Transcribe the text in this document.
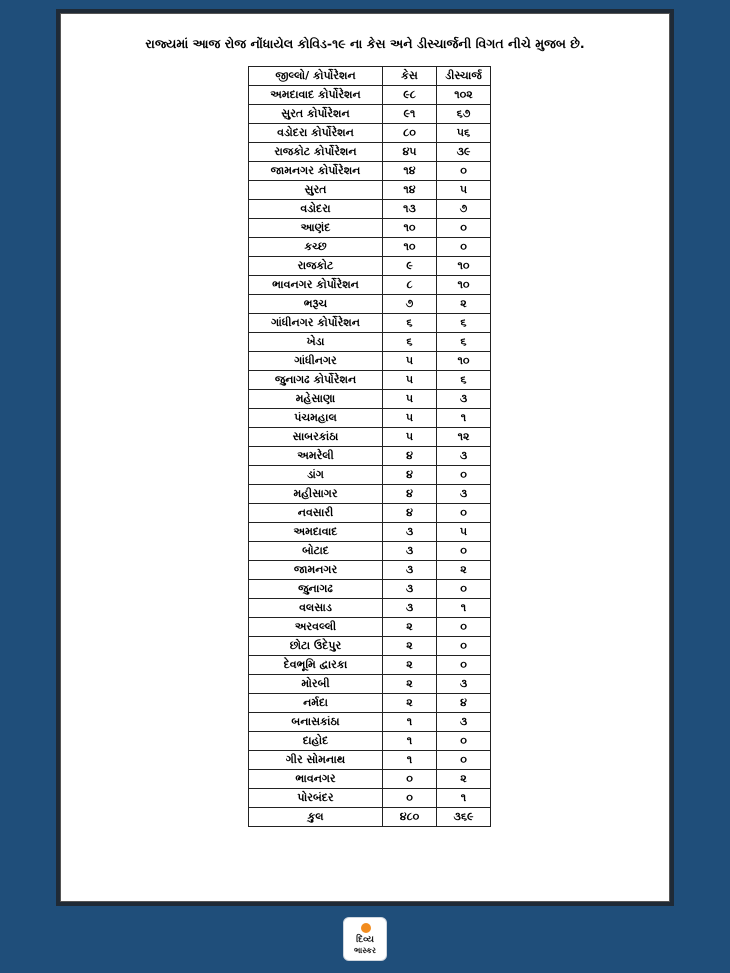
રાજ્યમાં આજ રોજ નોંધાયેલ કોવિડ-૧૯ ના કેસ અને ડીસ્ચાર્જની વિગત નીચે મુજબ છે.
જીલ્લો/ કોર્પોરેશન	કેસ	ડીસ્ચાર્જ
અમદાવાદ કોર્પોરેશન	૯૮	૧૦૨
સુરત કોર્પોરેશન	૯૧	૬૭
વડોદરા કોર્પોરેશન	૮૦	૫૬
રાજકોટ કોર્પોરેશન	૪૫	૩૯
જામનગર કોર્પોરેશન	૧૪	૦
સુરત	૧૪	૫
વડોદરા	૧૩	૭
આણંદ	૧૦	૦
કચ્છ	૧૦	૦
રાજકોટ	૯	૧૦
ભાવનગર કોર્પોરેશન	૮	૧૦
ભરૂચ	૭	૨
ગાંધીનગર કોર્પોરેશન	૬	૬
ખેડા	૬	૬
ગાંધીનગર	૫	૧૦
જુનાગઢ કોર્પોરેશન	૫	૬
મહેસાણા	૫	૩
પંચમહાલ	૫	૧
સાબરકાંઠા	૫	૧૨
અમરેલી	૪	૩
ડાંગ	૪	૦
મહીસાગર	૪	૩
નવસારી	૪	૦
અમદાવાદ	૩	૫
બોટાદ	૩	૦
જામનગર	૩	૨
જુનાગઢ	૩	૦
વલસાડ	૩	૧
અરવલ્લી	૨	૦
છોટા ઉદેપુર	૨	૦
દેવભૂમિ દ્વારકા	૨	૦
મોરબી	૨	૩
નર્મદા	૨	૪
બનાસકાંઠા	૧	૩
દાહોદ	૧	૦
ગીર સોમનાથ	૧	૦
ભાવનગર	૦	૨
પોરબંદર	૦	૧
કુલ	૪૮૦	૩૬૯
દિવ્ય
ભાસ્કર
